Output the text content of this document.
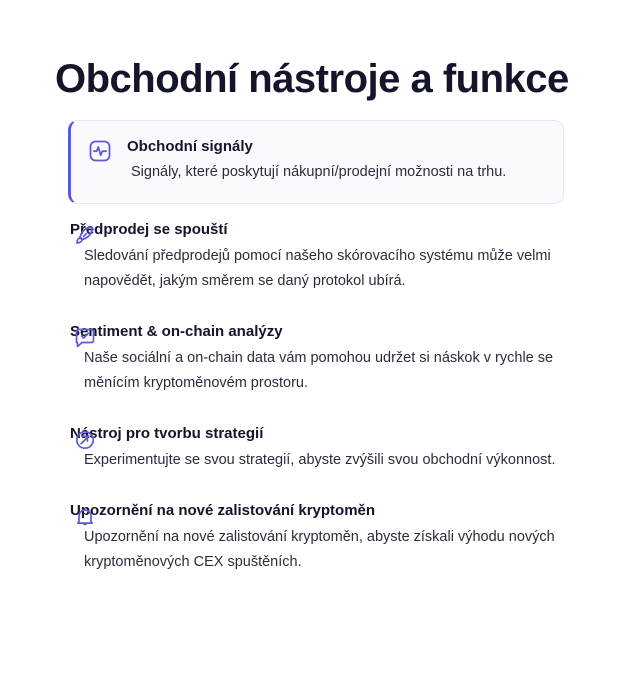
Obchodní nástroje a funkce

Obchodní signály

Signály, které poskytují nákupní/prodejní možnosti na trhu.

Předprodej se spouští

Sledování předprodejů pomocí našeho skórovacího systému může velmi napovědět, jakým směrem se daný protokol ubírá.

Sentiment & on-chain analýzy

Naše sociální a on-chain data vám pomohou udržet si náskok v rychle se měnícím kryptoměnovém prostoru.

Nástroj pro tvorbu strategií

Experimentujte se svou strategií, abyste zvýšili svou obchodní výkonnost.

Upozornění na nové zalistování kryptoměn

Upozornění na nové zalistování kryptoměn, abyste získali výhodu nových kryptoměnových CEX spuštěních.
